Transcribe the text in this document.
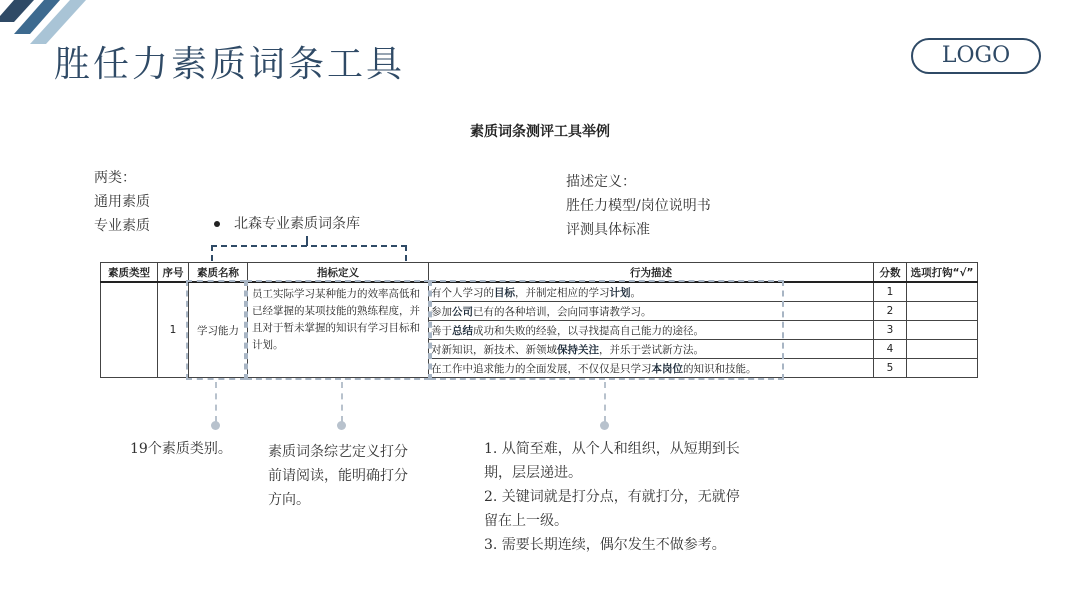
胜任力素质词条工具	LOGO
素质词条测评工具举例
两类：
通用素质
专业素质	北森专业素质词条库
描述定义：
胜任力模型/岗位说明书
评测具体标准
素质类型	序号	素质名称	指标定义	行为描述	分数	选项打钩“√”
	1	学习能力	员工实际学习某种能力的效率高低和已经掌握的某项技能的熟练程度，并且对于暂未掌握的知识有学习目标和计划。	有个人学习的目标，并制定相应的学习计划。	1	
				参加公司已有的各种培训，会向同事请教学习。	2	
				善于总结成功和失败的经验，以寻找提高自己能力的途径。	3	
				对新知识，新技术、新领域保持关注，并乐于尝试新方法。	4	
				在工作中追求能力的全面发展，不仅仅是只学习本岗位的知识和技能。	5	
19个素质类别。	素质词条综艺定义打分
前请阅读，能明确打分
方向。
1. 从简至难，从个人和组织，从短期到长
期，层层递进。
2. 关键词就是打分点，有就打分，无就停
留在上一级。
3. 需要长期连续，偶尔发生不做参考。
